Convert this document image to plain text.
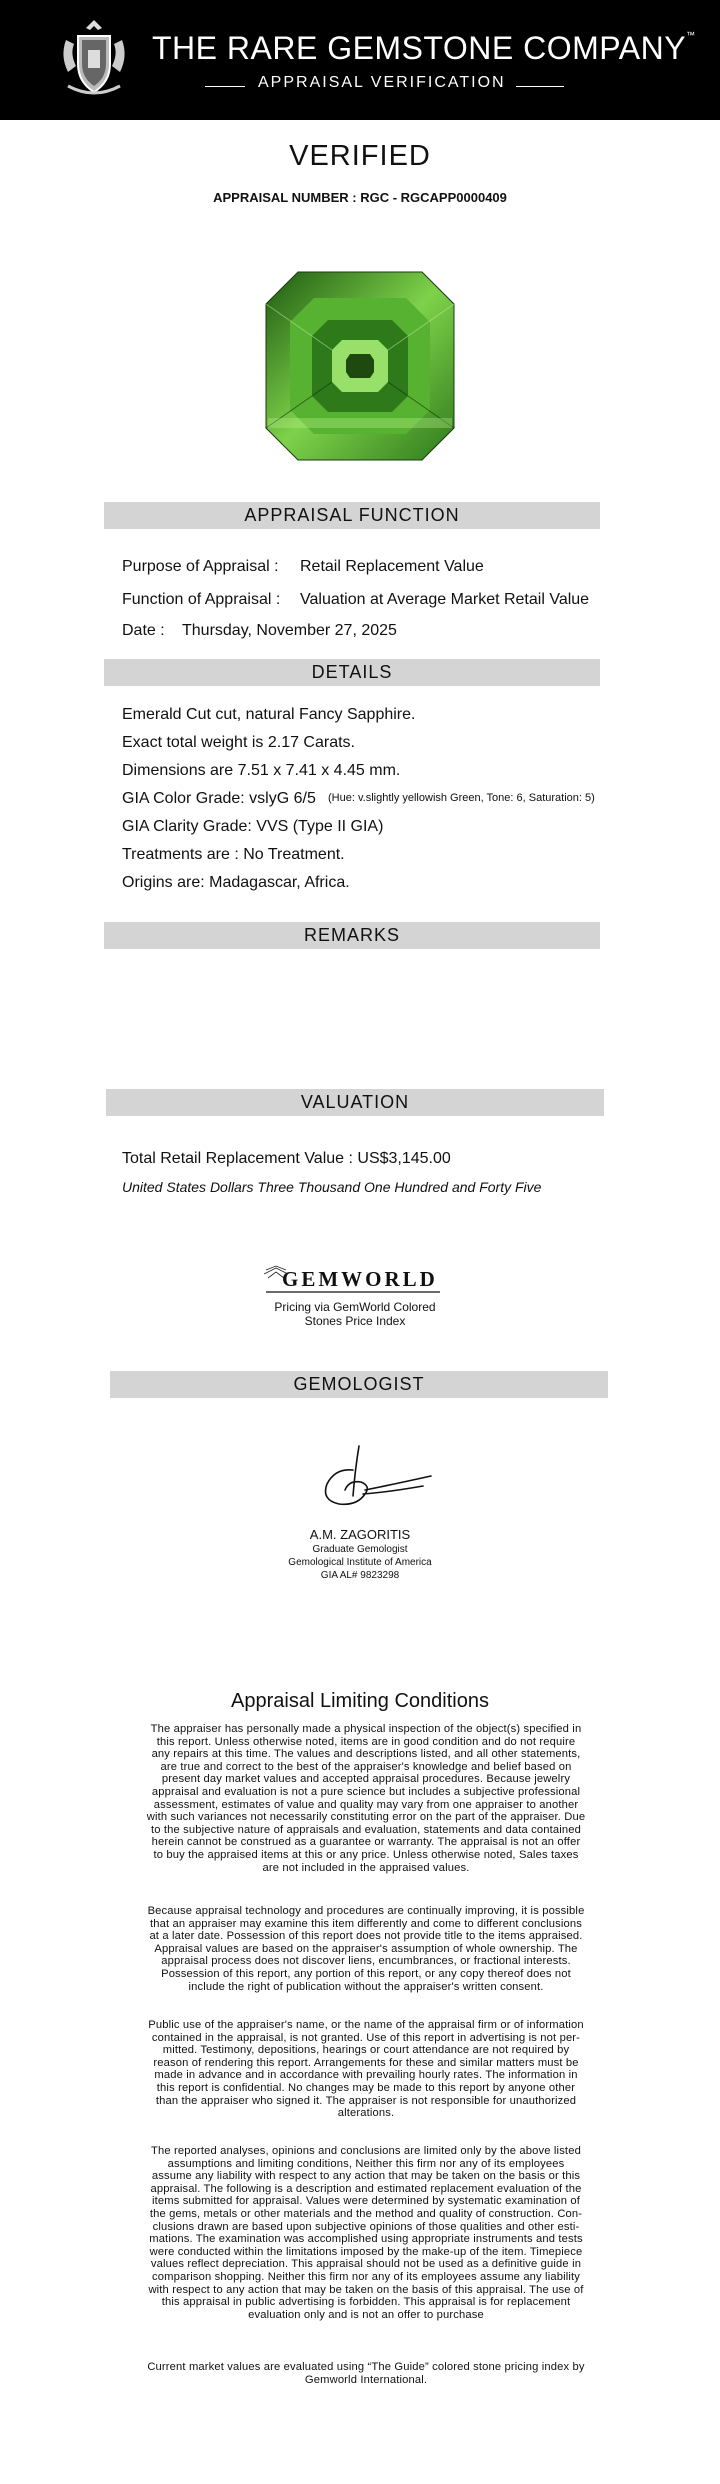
THE RARE GEMSTONE COMPANY™
APPRAISAL VERIFICATION
VERIFIED
APPRAISAL NUMBER : RGC - RGCAPP0000409
APPRAISAL FUNCTION
Purpose of Appraisal : Retail Replacement Value
Function of Appraisal : Valuation at Average Market Retail Value
Date : Thursday, November 27, 2025
DETAILS
Emerald Cut cut, natural Fancy Sapphire.
Exact total weight is 2.17 Carats.
Dimensions are 7.51 x 7.41 x 4.45 mm.
GIA Color Grade: vslyG 6/5 (Hue: v.slightly yellowish Green, Tone: 6, Saturation: 5)
GIA Clarity Grade: VVS (Type II GIA)
Treatments are : No Treatment.
Origins are: Madagascar, Africa.
REMARKS
VALUATION
Total Retail Replacement Value : US$3,145.00
United States Dollars Three Thousand One Hundred and Forty Five
GEMWORLD
Pricing via GemWorld Colored
Stones Price Index
GEMOLOGIST
A.M. ZAGORITIS
Graduate Gemologist
Gemological Institute of America
GIA AL# 9823298
Appraisal Limiting Conditions
The appraiser has personally made a physical inspection of the object(s) specified in
this report. Unless otherwise noted, items are in good condition and do not require
any repairs at this time. The values and descriptions listed, and all other statements,
are true and correct to the best of the appraiser's knowledge and belief based on
present day market values and accepted appraisal procedures. Because jewelry
appraisal and evaluation is not a pure science but includes a subjective professional
assessment, estimates of value and quality may vary from one appraiser to another
with such variances not necessarily constituting error on the part of the appraiser. Due
to the subjective nature of appraisals and evaluation, statements and data contained
herein cannot be construed as a guarantee or warranty. The appraisal is not an offer
to buy the appraised items at this or any price. Unless otherwise noted, Sales taxes
are not included in the appraised values.
Because appraisal technology and procedures are continually improving, it is possible
that an appraiser may examine this item differently and come to different conclusions
at a later date. Possession of this report does not provide title to the items appraised.
Appraisal values are based on the appraiser's assumption of whole ownership. The
appraisal process does not discover liens, encumbrances, or fractional interests.
Possession of this report, any portion of this report, or any copy thereof does not
include the right of publication without the appraiser's written consent.
Public use of the appraiser's name, or the name of the appraisal firm or of information
contained in the appraisal, is not granted. Use of this report in advertising is not per-
mitted. Testimony, depositions, hearings or court attendance are not required by
reason of rendering this report. Arrangements for these and similar matters must be
made in advance and in accordance with prevailing hourly rates. The information in
this report is confidential. No changes may be made to this report by anyone other
than the appraiser who signed it. The appraiser is not responsible for unauthorized
alterations.
The reported analyses, opinions and conclusions are limited only by the above listed
assumptions and limiting conditions, Neither this firm nor any of its employees
assume any liability with respect to any action that may be taken on the basis or this
appraisal. The following is a description and estimated replacement evaluation of the
items submitted for appraisal. Values were determined by systematic examination of
the gems, metals or other materials and the method and quality of construction. Con-
clusions drawn are based upon subjective opinions of those qualities and other esti-
mations. The examination was accomplished using appropriate instruments and tests
were conducted within the limitations imposed by the make-up of the item. Timepiece
values reflect depreciation. This appraisal should not be used as a definitive guide in
comparison shopping. Neither this firm nor any of its employees assume any liability
with respect to any action that may be taken on the basis of this appraisal. The use of
this appraisal in public advertising is forbidden. This appraisal is for replacement
evaluation only and is not an offer to purchase
Current market values are evaluated using “The Guide” colored stone pricing index by
Gemworld International.
